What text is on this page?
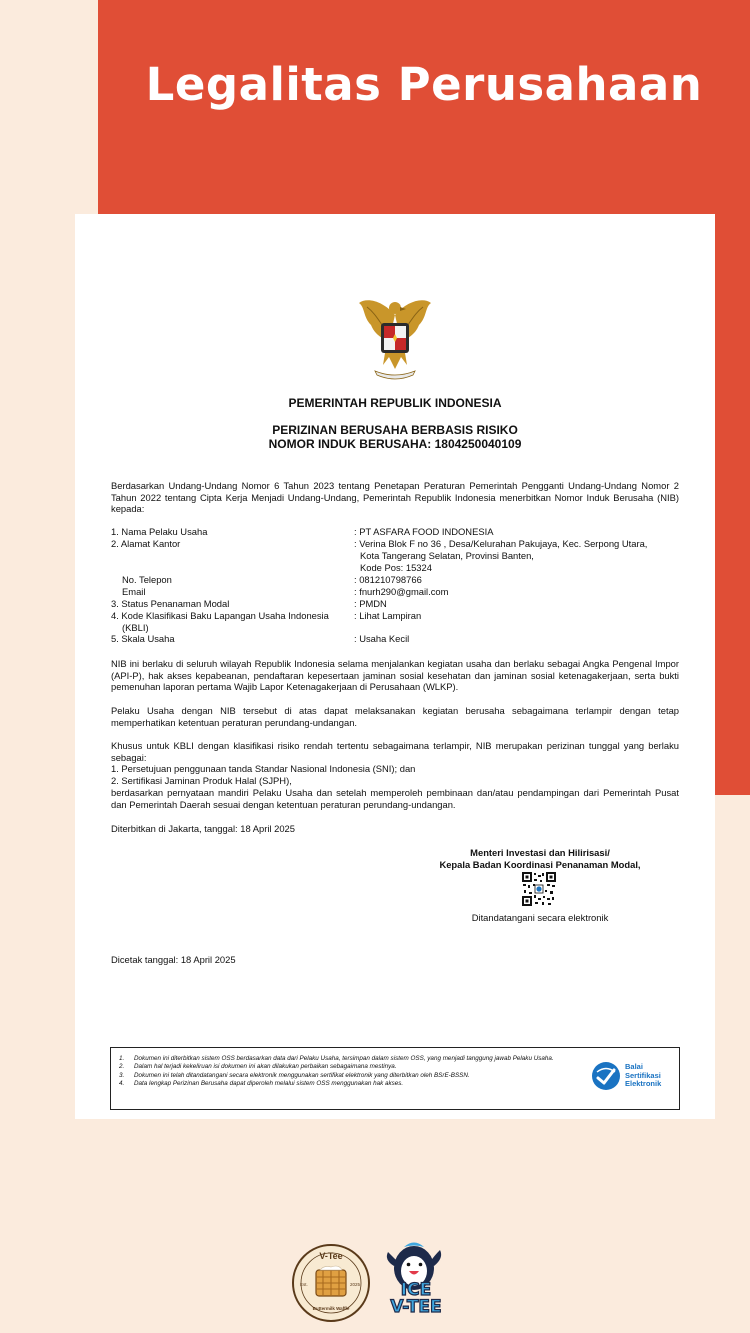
Legalitas Perusahaan
PEMERINTAH REPUBLIK INDONESIA
PERIZINAN BERUSAHA BERBASIS RISIKO
NOMOR INDUK BERUSAHA: 1804250040109
Berdasarkan Undang-Undang Nomor 6 Tahun 2023 tentang Penetapan Peraturan Pemerintah Pengganti Undang-Undang Nomor 2 Tahun 2022 tentang Cipta Kerja Menjadi Undang-Undang, Pemerintah Republik Indonesia menerbitkan Nomor Induk Berusaha (NIB) kepada:
1. Nama Pelaku Usaha	: PT ASFARA FOOD INDONESIA
2. Alamat Kantor	: Verina Blok F no 36 , Desa/Kelurahan Pakujaya, Kec. Serpong Utara,
Kota Tangerang Selatan, Provinsi Banten,
Kode Pos: 15324
No. Telepon	: 081210798766
Email	: fnurh290@gmail.com
3. Status Penanaman Modal	: PMDN
4. Kode Klasifikasi Baku Lapangan Usaha Indonesia	: Lihat Lampiran
(KBLI)
5. Skala Usaha	: Usaha Kecil
NIB ini berlaku di seluruh wilayah Republik Indonesia selama menjalankan kegiatan usaha dan berlaku sebagai Angka Pengenal Impor (API-P), hak akses kepabeanan, pendaftaran kepesertaan jaminan sosial kesehatan dan jaminan sosial ketenagakerjaan, serta bukti pemenuhan laporan pertama Wajib Lapor Ketenagakerjaan di Perusahaan (WLKP).
Pelaku Usaha dengan NIB tersebut di atas dapat melaksanakan kegiatan berusaha sebagaimana terlampir dengan tetap memperhatikan ketentuan peraturan perundang-undangan.
Khusus untuk KBLI dengan klasifikasi risiko rendah tertentu sebagaimana terlampir, NIB merupakan perizinan tunggal yang berlaku sebagai:
1. Persetujuan penggunaan tanda Standar Nasional Indonesia (SNI); dan
2. Sertifikasi Jaminan Produk Halal (SJPH),
berdasarkan pernyataan mandiri Pelaku Usaha dan setelah memperoleh pembinaan dan/atau pendampingan dari Pemerintah Pusat dan Pemerintah Daerah sesuai dengan ketentuan peraturan perundang-undangan.
Diterbitkan di Jakarta, tanggal: 18 April 2025
Menteri Investasi dan Hilirisasi/
Kepala Badan Koordinasi Penanaman Modal,
Ditandatangani secara elektronik
Dicetak tanggal: 18 April 2025
1.	Dokumen ini diterbitkan sistem OSS berdasarkan data dari Pelaku Usaha, tersimpan dalam sistem OSS, yang menjadi tanggung jawab Pelaku Usaha.
2.	Dalam hal terjadi kekeliruan isi dokumen ini akan dilakukan perbaikan sebagaimana mestinya.
3.	Dokumen ini telah ditandatangani secara elektronik menggunakan sertifikat elektronik yang diterbitkan oleh BSrE-BSSN.
4.	Data lengkap Perizinan Berusaha dapat diperoleh melalui sistem OSS menggunakan hak akses.
Balai
Sertifikasi
Elektronik
V-Tee
Est.	2025
Buttermilk Waffle
ICE
V-TEE
